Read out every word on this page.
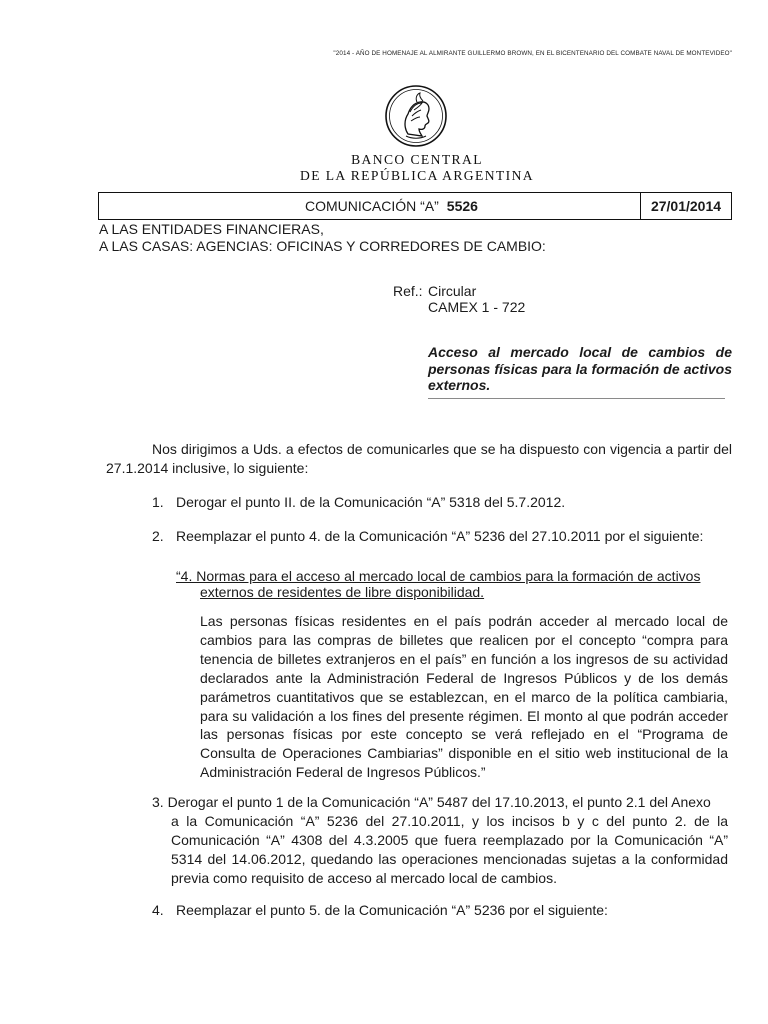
"2014 - AÑO DE HOMENAJE AL ALMIRANTE GUILLERMO BROWN, EN EL BICENTENARIO DEL COMBATE NAVAL DE MONTEVIDEO"
BANCO CENTRAL
DE LA REPÚBLICA ARGENTINA
COMUNICACIÓN “A” 5526	27/01/2014
A LAS ENTIDADES FINANCIERAS,
A LAS CASAS: AGENCIAS: OFICINAS Y CORREDORES DE CAMBIO:
Ref.: Circular
CAMEX 1 - 722
Acceso al mercado local de cambios de personas físicas para la formación de activos externos.
Nos dirigimos a Uds. a efectos de comunicarles que se ha dispuesto con vigencia a partir del 27.1.2014 inclusive, lo siguiente:
1. Derogar el punto II. de la Comunicación “A” 5318 del 5.7.2012.
2. Reemplazar el punto 4. de la Comunicación “A” 5236 del 27.10.2011 por el siguiente:
“4. Normas para el acceso al mercado local de cambios para la formación de activos
externos de residentes de libre disponibilidad.
Las personas físicas residentes en el país podrán acceder al mercado local de cambios para las compras de billetes que realicen por el concepto “compra para tenencia de billetes extranjeros en el país” en función a los ingresos de su actividad declarados ante la Administración Federal de Ingresos Públicos y de los demás parámetros cuantitativos que se establezcan, en el marco de la política cambiaria, para su validación a los fines del presente régimen. El monto al que podrán acceder las personas físicas por este concepto se verá reflejado en el “Programa de Consulta de Operaciones Cambiarias” disponible en el sitio web institucional de la Administración Federal de Ingresos Públicos.”
3. Derogar el punto 1 de la Comunicación “A” 5487 del 17.10.2013, el punto 2.1 del Anexo
a la Comunicación “A” 5236 del 27.10.2011, y los incisos b y c del punto 2. de la Comunicación “A” 4308 del 4.3.2005 que fuera reemplazado por la Comunicación “A” 5314 del 14.06.2012, quedando las operaciones mencionadas sujetas a la conformidad previa como requisito de acceso al mercado local de cambios.
4. Reemplazar el punto 5. de la Comunicación “A” 5236 por el siguiente:
